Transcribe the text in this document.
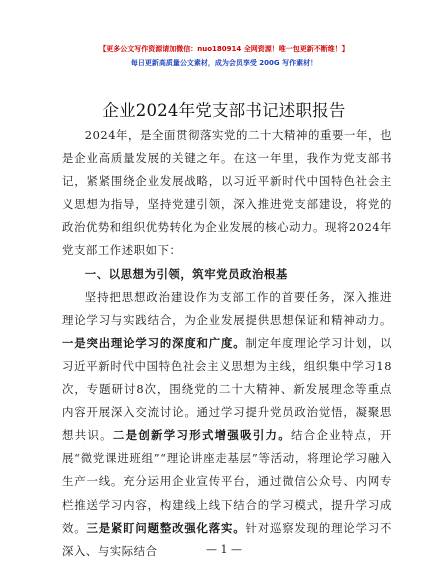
【更多公文写作资源请加微信：nuo180914 全网资源！唯一包更新不断维！】
每日更新高质量公文素材，成为会员享受 200G 写作素材！
企业2024年党支部书记述职报告

2024年，是全面贯彻落实党的二十大精神的重要一年，也是企业高质量发展的关键之年。在这一年里，我作为党支部书记，紧紧围绕企业发展战略，以习近平新时代中国特色社会主义思想为指导，坚持党建引领，深入推进党支部建设，将党的政治优势和组织优势转化为企业发展的核心动力。现将2024年党支部工作述职如下：

一、以思想为引领，筑牢党员政治根基

坚持把思想政治建设作为支部工作的首要任务，深入推进理论学习与实践结合，为企业发展提供思想保证和精神动力。一是突出理论学习的深度和广度。制定年度理论学习计划，以习近平新时代中国特色社会主义思想为主线，组织集中学习18次，专题研讨8次，围绕党的二十大精神、新发展理念等重点内容开展深入交流讨论。通过学习提升党员政治觉悟，凝聚思想共识。二是创新学习形式增强吸引力。结合企业特点，开展“微党课进班组”“理论讲座走基层”等活动，将理论学习融入生产一线。充分运用企业宣传平台，通过微信公众号、内网专栏推送学习内容，构建线上线下结合的学习模式，提升学习成效。三是紧盯问题整改强化落实。针对巡察发现的理论学习不深入、与实际结合	— 1 —
